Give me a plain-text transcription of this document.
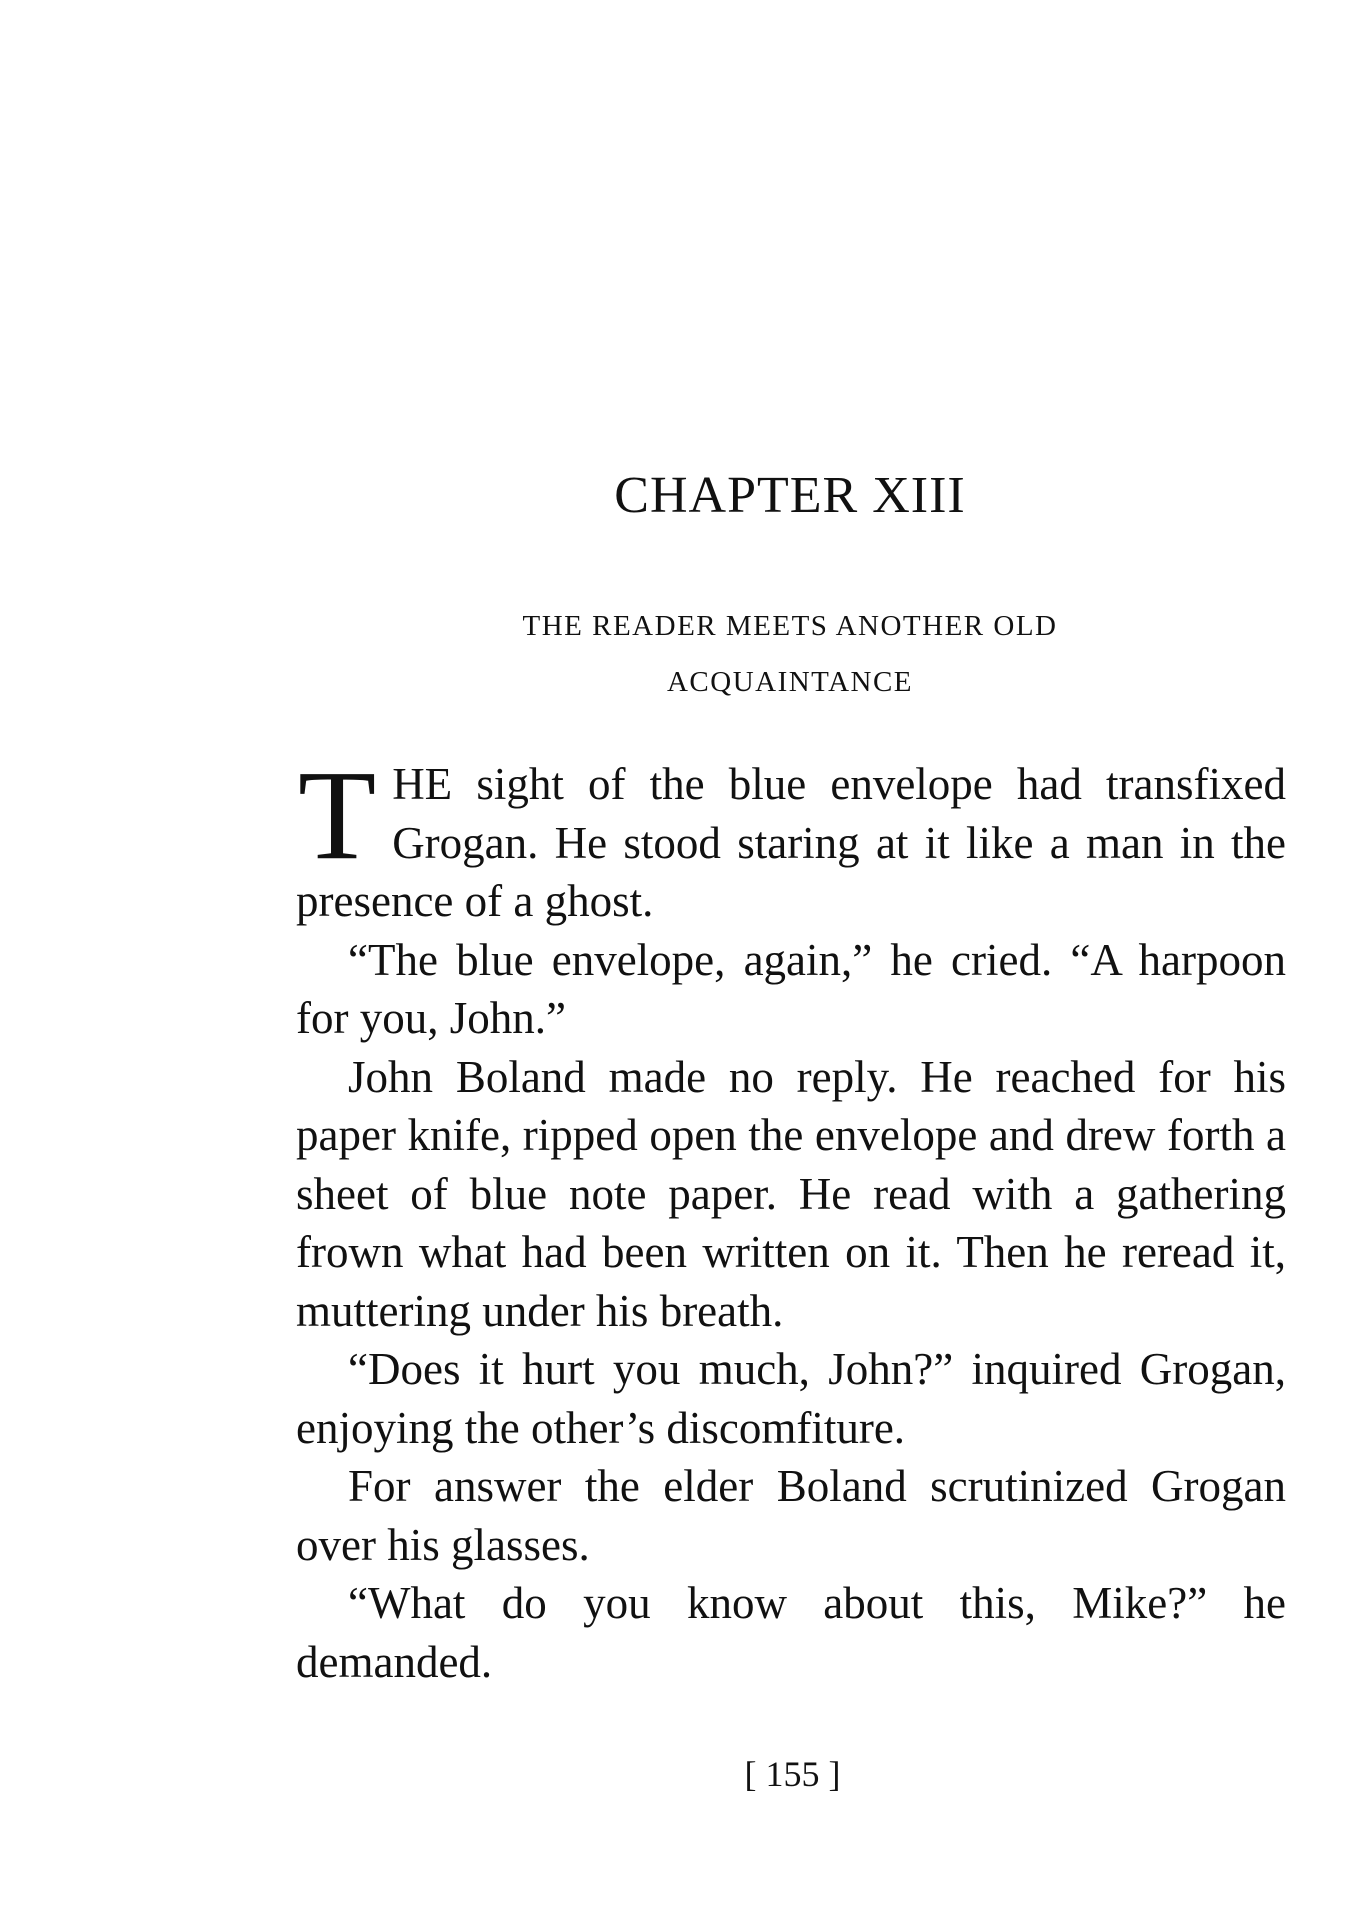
CHAPTER XIII
THE READER MEETS ANOTHER OLD
ACQUAINTANCE

THE sight of the blue envelope had transfixed Grogan. He stood staring at it like a man in the presence of a ghost.

“The blue envelope, again,” he cried. “A harpoon for you, John.”

John Boland made no reply. He reached for his paper knife, ripped open the envelope and drew forth a sheet of blue note paper. He read with a gathering frown what had been written on it. Then he reread it, muttering under his breath.

“Does it hurt you much, John?” inquired Grogan, enjoying the other’s discomfiture.

For answer the elder Boland scrutinized Grogan over his glasses.

“What do you know about this, Mike?” he demanded.

[ 155 ]
